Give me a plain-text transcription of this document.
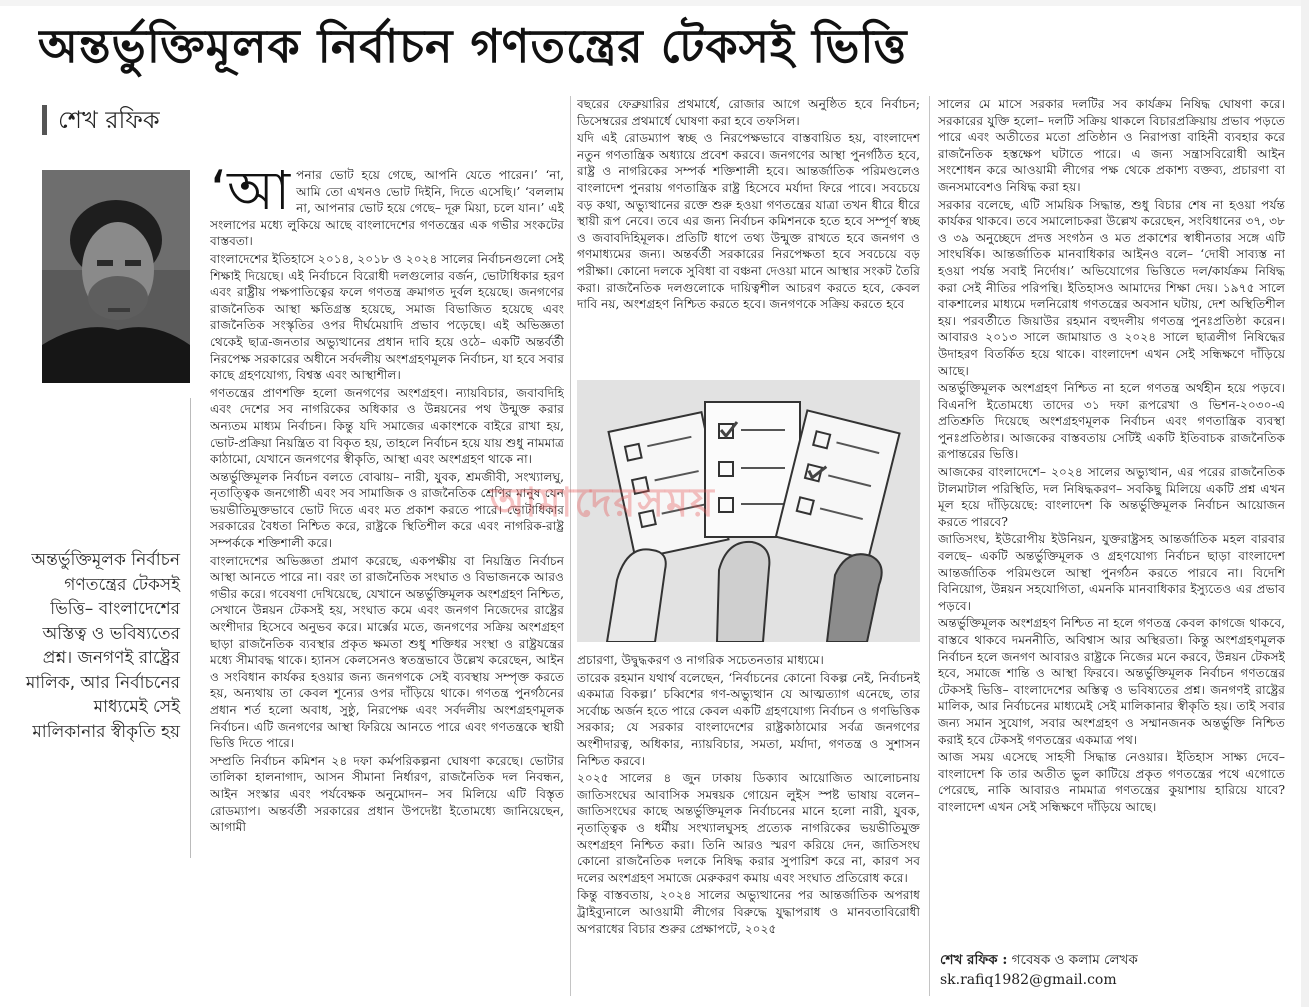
অন্তর্ভুক্তিমূলক নির্বাচন গণতন্ত্রের টেকসই ভিত্তি
শেখ রফিক
অন্তর্ভুক্তিমূলক নির্বাচন গণতন্ত্রের টেকসই ভিত্তি– বাংলাদেশের অস্তিত্ব ও ভবিষ্যতের প্রশ্ন। জনগণই রাষ্ট্রের মালিক, আর নির্বাচনের মাধ্যমেই সেই মালিকানার স্বীকৃতি হয়
‘আ পনার ভোট হয়ে গেছে, আপনি যেতে পারেন।’ ‘না, আমি তো এখনও ভোট দিইনি, দিতে এসেছি।’ ‘বললাম না, আপনার ভোট হয়ে গেছে– দূরু মিয়া, চলে যান।’ এই সংলাপের মধ্যে লুকিয়ে আছে বাংলাদেশের গণতন্ত্রের এক গভীর সংকটের বাস্তবতা।

বাংলাদেশের ইতিহাসে ২০১৪, ২০১৮ ও ২০২৪ সালের নির্বাচনগুলো সেই শিক্ষাই দিয়েছে। এই নির্বাচনে বিরোধী দলগুলোর বর্জন, ভোটাধিকার হরণ এবং রাষ্ট্রীয় পক্ষপাতিত্বের ফলে গণতন্ত্র ক্রমাগত দুর্বল হয়েছে। জনগণের রাজনৈতিক আস্থা ক্ষতিগ্রস্ত হয়েছে, সমাজ বিভাজিত হয়েছে এবং রাজনৈতিক সংস্কৃতির ওপর দীর্ঘমেয়াদি প্রভাব পড়েছে। এই অভিজ্ঞতা থেকেই ছাত্র-জনতার অভ্যুত্থানের প্রধান দাবি হয়ে ওঠে– একটি অন্তর্বর্তী নিরপেক্ষ সরকারের অধীনে সর্বদলীয় অংশগ্রহণমূলক নির্বাচন, যা হবে সবার কাছে গ্রহণযোগ্য, বিশ্বস্ত এবং আস্থাশীল।

গণতন্ত্রের প্রাণশক্তি হলো জনগণের অংশগ্রহণ। ন্যায়বিচার, জবাবদিহি এবং দেশের সব নাগরিকের অধিকার ও উন্নয়নের পথ উন্মুক্ত করার অন্যতম মাধ্যম নির্বাচন। কিন্তু যদি সমাজের একাংশকে বাইরে রাখা হয়, ভোট-প্রক্রিয়া নিয়ন্ত্রিত বা বিকৃত হয়, তাহলে নির্বাচন হয়ে যায় শুধু নামমাত্র কাঠামো, যেখানে জনগণের স্বীকৃতি, আস্থা এবং অংশগ্রহণ থাকে না।

অন্তর্ভুক্তিমূলক নির্বাচন বলতে বোঝায়– নারী, যুবক, শ্রমজীবী, সংখ্যালঘু, নৃতাত্ত্বিক জনগোষ্ঠী এবং সব সামাজিক ও রাজনৈতিক শ্রেণির মানুষ যেন ভয়ভীতিমুক্তভাবে ভোট দিতে এবং মত প্রকাশ করতে পারে। ভোটাধিকার সরকারের বৈধতা নিশ্চিত করে, রাষ্ট্রকে স্থিতিশীল করে এবং নাগরিক-রাষ্ট্র সম্পর্ককে শক্তিশালী করে।

বাংলাদেশের অভিজ্ঞতা প্রমাণ করেছে, একপক্ষীয় বা নিয়ন্ত্রিত নির্বাচন আস্থা আনতে পারে না। বরং তা রাজনৈতিক সংঘাত ও বিভাজনকে আরও গভীর করে। গবেষণা দেখিয়েছে, যেখানে অন্তর্ভুক্তিমূলক অংশগ্রহণ নিশ্চিত, সেখানে উন্নয়ন টেকসই হয়, সংঘাত কমে এবং জনগণ নিজেদের রাষ্ট্রের অংশীদার হিসেবে অনুভব করে। মার্ক্সের মতে, জনগণের সক্রিয় অংশগ্রহণ ছাড়া রাজনৈতিক ব্যবস্থার প্রকৃত ক্ষমতা শুধু শক্তিধর সংস্থা ও রাষ্ট্রযন্ত্রের মধ্যে সীমাবদ্ধ থাকে। হ্যানস কেলসেনও স্বতন্ত্রভাবে উল্লেখ করেছেন, আইন ও সংবিধান কার্যকর হওয়ার জন্য জনগণকে সেই ব্যবস্থায় সম্পৃক্ত করতে হয়, অন্যথায় তা কেবল শূন্যের ওপর দাঁড়িয়ে থাকে। গণতন্ত্র পুনর্গঠনের প্রধান শর্ত হলো অবাধ, সুষ্ঠু, নিরপেক্ষ এবং সর্বদলীয় অংশগ্রহণমূলক নির্বাচন। এটি জনগণের আস্থা ফিরিয়ে আনতে পারে এবং গণতন্ত্রকে স্থায়ী ভিত্তি দিতে পারে।

সম্প্রতি নির্বাচন কমিশন ২৪ দফা কর্মপরিকল্পনা ঘোষণা করেছে। ভোটার তালিকা হালনাগাদ, আসন সীমানা নির্ধারণ, রাজনৈতিক দল নিবন্ধন, আইন সংস্কার এবং পর্যবেক্ষক অনুমোদন– সব মিলিয়ে এটি বিস্তৃত রোডম্যাপ। অন্তর্বর্তী সরকারের প্রধান উপদেষ্টা ইতোমধ্যে জানিয়েছেন, আগামী

বছরের ফেব্রুয়ারির প্রথমার্ধে, রোজার আগে অনুষ্ঠিত হবে নির্বাচন; ডিসেম্বরের প্রথমার্ধে ঘোষণা করা হবে তফসিল।

যদি এই রোডম্যাপ স্বচ্ছ ও নিরপেক্ষভাবে বাস্তবায়িত হয়, বাংলাদেশ নতুন গণতান্ত্রিক অধ্যায়ে প্রবেশ করবে। জনগণের আস্থা পুনর্গঠিত হবে, রাষ্ট্র ও নাগরিকের সম্পর্ক শক্তিশালী হবে। আন্তর্জাতিক পরিমণ্ডলেও বাংলাদেশ পুনরায় গণতান্ত্রিক রাষ্ট্র হিসেবে মর্যাদা ফিরে পাবে। সবচেয়ে বড় কথা, অভ্যুত্থানের রক্তে শুরু হওয়া গণতন্ত্রের যাত্রা তখন ধীরে ধীরে স্থায়ী রূপ নেবে। তবে এর জন্য নির্বাচন কমিশনকে হতে হবে সম্পূর্ণ স্বচ্ছ ও জবাবদিহিমূলক। প্রতিটি ধাপে তথ্য উন্মুক্ত রাখতে হবে জনগণ ও গণমাধ্যমের জন্য। অন্তর্বর্তী সরকারের নিরপেক্ষতা হবে সবচেয়ে বড় পরীক্ষা। কোনো দলকে সুবিধা বা বঞ্চনা দেওয়া মানে আস্থার সংকট তৈরি করা। রাজনৈতিক দলগুলোকে দায়িত্বশীল আচরণ করতে হবে, কেবল দাবি নয়, অংশগ্রহণ নিশ্চিত করতে হবে। জনগণকে সক্রিয় করতে হবে

আমাদেরসময়

প্রচারণা, উদ্বুদ্ধকরণ ও নাগরিক সচেতনতার মাধ্যমে।

তারেক রহমান যথার্থ বলেছেন, ‘নির্বাচনের কোনো বিকল্প নেই, নির্বাচনই একমাত্র বিকল্প।’ চব্বিশের গণ-অভ্যুত্থান যে আত্মত্যাগ এনেছে, তার সর্বোচ্চ অর্জন হতে পারে কেবল একটি গ্রহণযোগ্য নির্বাচন ও গণভিত্তিক সরকার; যে সরকার বাংলাদেশের রাষ্ট্রকাঠামোর সর্বত্র জনগণের অংশীদারত্ব, অধিকার, ন্যায়বিচার, সমতা, মর্যাদা, গণতন্ত্র ও সুশাসন নিশ্চিত করবে।

২০২৫ সালের ৪ জুন ঢাকায় ডিক্যাব আয়োজিত আলোচনায় জাতিসংঘের আবাসিক সমন্বয়ক গোয়েন লুইস স্পষ্ট ভাষায় বলেন– জাতিসংঘের কাছে অন্তর্ভুক্তিমূলক নির্বাচনের মানে হলো নারী, যুবক, নৃতাত্ত্বিক ও ধর্মীয় সংখ্যালঘুসহ প্রত্যেক নাগরিকের ভয়ভীতিমুক্ত অংশগ্রহণ নিশ্চিত করা। তিনি আরও স্মরণ করিয়ে দেন, জাতিসংঘ কোনো রাজনৈতিক দলকে নিষিদ্ধ করার সুপারিশ করে না, কারণ সব দলের অংশগ্রহণ সমাজে মেরুকরণ কমায় এবং সংঘাত প্রতিরোধ করে।

কিন্তু বাস্তবতায়, ২০২৪ সালের অভ্যুত্থানের পর আন্তর্জাতিক অপরাধ ট্রাইব্যুনালে আওয়ামী লীগের বিরুদ্ধে যুদ্ধাপরাধ ও মানবতাবিরোধী অপরাধের বিচার শুরুর প্রেক্ষাপটে, ২০২৫

সালের মে মাসে সরকার দলটির সব কার্যক্রম নিষিদ্ধ ঘোষণা করে। সরকারের যুক্তি হলো– দলটি সক্রিয় থাকলে বিচারপ্রক্রিয়ায় প্রভাব পড়তে পারে এবং অতীতের মতো প্রতিষ্ঠান ও নিরাপত্তা বাহিনী ব্যবহার করে রাজনৈতিক হস্তক্ষেপ ঘটাতে পারে। এ জন্য সন্ত্রাসবিরোধী আইন সংশোধন করে আওয়ামী লীগের পক্ষ থেকে প্রকাশ্য বক্তব্য, প্রচারণা বা জনসমাবেশও নিষিদ্ধ করা হয়।

সরকার বলেছে, এটি সাময়িক সিদ্ধান্ত, শুধু বিচার শেষ না হওয়া পর্যন্ত কার্যকর থাকবে। তবে সমালোচকরা উল্লেখ করেছেন, সংবিধানের ৩৭, ৩৮ ও ৩৯ অনুচ্ছেদে প্রদত্ত সংগঠন ও মত প্রকাশের স্বাধীনতার সঙ্গে এটি সাংঘর্ষিক। আন্তর্জাতিক মানবাধিকার আইনও বলে– ‘দোষী সাব্যস্ত না হওয়া পর্যন্ত সবাই নির্দোষ।’ অভিযোগের ভিত্তিতে দল/কার্যক্রম নিষিদ্ধ করা সেই নীতির পরিপন্থি। ইতিহাসও আমাদের শিক্ষা দেয়। ১৯৭৫ সালে বাকশালের মাধ্যমে দলনিরোধ গণতন্ত্রের অবসান ঘটায়, দেশ অস্থিতিশীল হয়। পরবর্তীতে জিয়াউর রহমান বহুদলীয় গণতন্ত্র পুনঃপ্রতিষ্ঠা করেন। আবারও ২০১৩ সালে জামায়াত ও ২০২৪ সালে ছাত্রলীগ নিষিদ্ধের উদাহরণ বিতর্কিত হয়ে থাকে। বাংলাদেশ এখন সেই সন্ধিক্ষণে দাঁড়িয়ে আছে।

অন্তর্ভুক্তিমূলক অংশগ্রহণ নিশ্চিত না হলে গণতন্ত্র অর্থহীন হয়ে পড়বে। বিএনপি ইতোমধ্যে তাদের ৩১ দফা রূপরেখা ও ভিশন-২০৩০-এ প্রতিশ্রুতি দিয়েছে অংশগ্রহণমূলক নির্বাচন এবং গণতান্ত্রিক ব্যবস্থা পুনঃপ্রতিষ্ঠার। আজকের বাস্তবতায় সেটিই একটি ইতিবাচক রাজনৈতিক রূপান্তরের ভিত্তি।

আজকের বাংলাদেশে– ২০২৪ সালের অভ্যুত্থান, এর পরের রাজনৈতিক টালমাটাল পরিস্থিতি, দল নিষিদ্ধকরণ– সবকিছু মিলিয়ে একটি প্রশ্ন এখন মূল হয়ে দাঁড়িয়েছে: বাংলাদেশ কি অন্তর্ভুক্তিমূলক নির্বাচন আয়োজন করতে পারবে?

জাতিসংঘ, ইউরোপীয় ইউনিয়ন, যুক্তরাষ্ট্রসহ আন্তর্জাতিক মহল বারবার বলছে– একটি অন্তর্ভুক্তিমূলক ও গ্রহণযোগ্য নির্বাচন ছাড়া বাংলাদেশ আন্তর্জাতিক পরিমণ্ডলে আস্থা পুনর্গঠন করতে পারবে না। বিদেশি বিনিয়োগ, উন্নয়ন সহযোগিতা, এমনকি মানবাধিকার ইস্যুতেও এর প্রভাব পড়বে।

অন্তর্ভুক্তিমূলক অংশগ্রহণ নিশ্চিত না হলে গণতন্ত্র কেবল কাগজে থাকবে, বাস্তবে থাকবে দমননীতি, অবিশ্বাস আর অস্থিরতা। কিন্তু অংশগ্রহণমূলক নির্বাচন হলে জনগণ আবারও রাষ্ট্রকে নিজের মনে করবে, উন্নয়ন টেকসই হবে, সমাজে শান্তি ও আস্থা ফিরবে। অন্তর্ভুক্তিমূলক নির্বাচন গণতন্ত্রের টেকসই ভিত্তি– বাংলাদেশের অস্তিত্ব ও ভবিষ্যতের প্রশ্ন। জনগণই রাষ্ট্রের মালিক, আর নির্বাচনের মাধ্যমেই সেই মালিকানার স্বীকৃতি হয়। তাই সবার জন্য সমান সুযোগ, সবার অংশগ্রহণ ও সম্মানজনক অন্তর্ভুক্তি নিশ্চিত করাই হবে টেকসই গণতন্ত্রের একমাত্র পথ।

আজ সময় এসেছে সাহসী সিদ্ধান্ত নেওয়ার। ইতিহাস সাক্ষ্য দেবে– বাংলাদেশ কি তার অতীত ভুল কাটিয়ে প্রকৃত গণতন্ত্রের পথে এগোতে পেরেছে, নাকি আবারও নামমাত্র গণতন্ত্রের কুয়াশায় হারিয়ে যাবে? বাংলাদেশ এখন সেই সন্ধিক্ষণে দাঁড়িয়ে আছে।

শেখ রফিক : গবেষক ও কলাম লেখক
sk.rafiq1982@gmail.com
